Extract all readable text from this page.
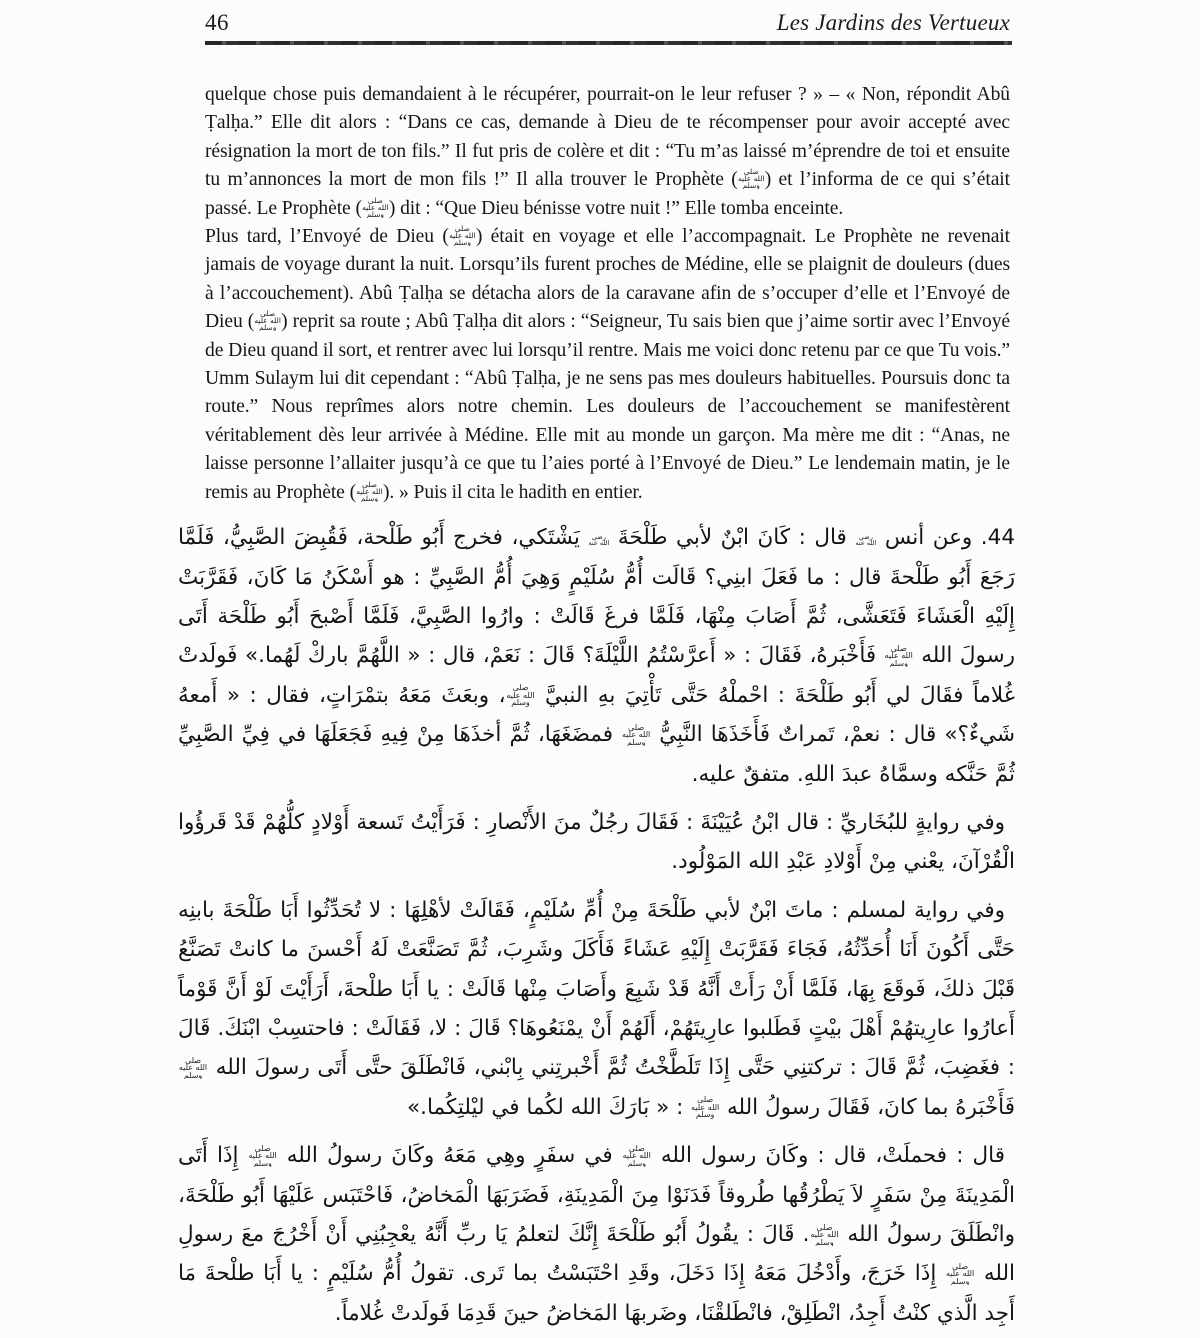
46	Les Jardins des Vertueux

quelque chose puis demandaient à le récupérer, pourrait-on le leur refuser ? » – « Non, répondit Abû Ṭalḥa.” Elle dit alors : “Dans ce cas, demande à Dieu de te récompenser pour avoir accepté avec résignation la mort de ton fils.” Il fut pris de colère et dit : “Tu m’as laissé m’éprendre de toi et ensuite tu m’annonces la mort de mon fils !” Il alla trouver le Prophète ( صلى الله عليه وسلم ) et l’informa de ce qui s’était passé. Le Prophète ( صلى الله عليه وسلم ) dit : “Que Dieu bénisse votre nuit !” Elle tomba enceinte.

Plus tard, l’Envoyé de Dieu ( صلى الله عليه وسلم ) était en voyage et elle l’accompagnait. Le Prophète ne revenait jamais de voyage durant la nuit. Lorsqu’ils furent proches de Médine, elle se plaignit de douleurs (dues à l’accouchement). Abû Ṭalḥa se détacha alors de la caravane afin de s’occuper d’elle et l’Envoyé de Dieu ( صلى الله عليه وسلم ) reprit sa route ; Abû Ṭalḥa dit alors : “Seigneur, Tu sais bien que j’aime sortir avec l’Envoyé de Dieu quand il sort, et rentrer avec lui lorsqu’il rentre. Mais me voici donc retenu par ce que Tu vois.” Umm Sulaym lui dit cependant : “Abû Ṭalḥa, je ne sens pas mes douleurs habituelles. Poursuis donc ta route.” Nous reprîmes alors notre chemin. Les douleurs de l’accouchement se manifestèrent véritablement dès leur arrivée à Médine. Elle mit au monde un garçon. Ma mère me dit : “Anas, ne laisse personne l’allaiter jusqu’à ce que tu l’aies porté à l’Envoyé de Dieu.” Le lendemain matin, je le remis au Prophète ( صلى الله عليه وسلم ). » Puis il cita le hadith en entier.

44. وعن أنس رضي الله عنه قال : كَانَ ابْنٌ لأبي طَلْحَةَ رضي الله عنه يَشْتَكي، فخرج أَبُو طَلْحة، فَقُبِضَ الصَّبِيُّ، فَلَمَّا رَجَعَ أَبُو طَلْحةَ قال : ما فَعَلَ ابنِي؟ قَالَت أُمُّ سُلَيْمٍ وَهِيَ أُمُّ الصَّبِيِّ : هو أَسْكَنُ مَا كَانَ، فَقَرَّبَتْ إِلَيْهِ الْعَشَاءَ فَتَعَشَّى، ثُمَّ أَصَابَ مِنْهَا، فَلَمَّا فرغَ قَالَتْ : وارُوا الصَّبِيَّ، فَلَمَّا أَصْبحَ أَبُو طَلْحَة أَتَى رسولَ الله صلى الله عليه وسلم فَأَخْبَرهُ، فَقَالَ : « أَعرَّسْتُمُ اللَّيْلَةَ؟ قَالَ : نَعَمْ، قال : « اللَّهُمَّ باركْ لَهُما.» فَولَدتْ غُلاماً فقَالَ لي أَبُو طَلْحَةَ : احْملْهُ حَتَّى تَأْتِيَ بهِ النبيَّ صلى الله عليه وسلم، وبعَثَ مَعَهُ بتمْرَاتٍ، فقال : « أَمعهُ شَيءٌ؟» قال : نعمْ، تَمراتٌ فَأَخَذَهَا النَّبِيُّ صلى الله عليه وسلم فمضَغَهَا، ثُمَّ أخذَهَا مِنْ فِيهِ فَجَعَلَهَا في فِيِّ الصَّبِيِّ ثُمَّ حَنَّكه وسمَّاهُ عبدَ اللهِ. متفقٌ عليه.

وفي روايةٍ للبُخَاريِّ : قال ابْنُ عُيَيْنَةَ : فَقَالَ رجُلٌ منَ الأَنْصارِ : فَرَأَيْتُ تَسعة أَوْلادٍ كلُّهُمْ قَدْ قَرؤُوا الْقُرْآنَ، يعْني مِنْ أَوْلادِ عَبْدِ الله المَوْلُود.

وفي رواية لمسلم : ماتَ ابْنٌ لأبي طَلْحَةَ مِنْ أُمِّ سُلَيْمٍ، فَقَالَتْ لأهْلِهَا : لا تُحَدِّثُوا أَبَا طَلْحَةَ بابنِه حَتَّى أَكُونَ أَنَا أُحَدِّثُهُ، فَجَاءَ فَقَرَّبَتْ إِلَيْهِ عَشَاءً فَأَكَلَ وشَرِبَ، ثُمَّ تَصَنَّعَتْ لَهُ أَحْسنَ ما كانتْ تَصَنَّعُ قَبْلَ ذلكَ، فَوقَعَ بِهَا، فَلَمَّا أَنْ رَأَتْ أَنَّهُ قَدْ شَبِعَ وأَصَابَ مِنْها قَالَتْ : يا أَبَا طلْحةَ، أَرَأَيْتَ لَوْ أَنَّ قَوْماً أَعارُوا عارِيتهُمْ أَهْلَ بيْتٍ فَطَلبوا عارِيتَهُمْ، أَلَهُمْ أَنْ يمْنَعُوهَا؟ قَالَ : لا، فَقَالَتْ : فاحتسِبْ ابْنَكَ. قَالَ : فغَضِبَ، ثُمَّ قَالَ : تركتنِي حَتَّى إِذَا تَلَطَّخْتُ ثُمَّ أَخْبرتِني بِابْني، فَانْطَلَقَ حتَّى أَتَى رسولَ الله صلى الله عليه وسلم فَأَخْبَرهُ بما كانَ، فَقَالَ رسولُ الله صلى الله عليه وسلم : « بَارَكَ الله لكُما في ليْلتِكُما.»

قال : فحملَتْ، قال : وكَانَ رسول الله صلى الله عليه وسلم في سفَرٍ وهِي مَعَهُ وكَانَ رسولُ الله صلى الله عليه وسلم إِذَا أَتَى الْمَدِينَةَ مِنْ سَفَرٍ لاَ يَطْرُقُها طُروقاً فَدَنَوْا مِنَ الْمَدِينَةِ، فَضَرَبَهَا الْمَخاضُ، فَاحْتَبَس عَلَيْهَا أَبُو طَلْحَةَ، وانْطَلَقَ رسولُ الله صلى الله عليه وسلم. قَالَ : يقُولُ أَبُو طَلْحَةَ إِنَّكَ لتعلمُ يَا ربِّ أَنَّهُ يعْجِبُنِي أَنْ أَخْرُجَ معَ رسولِ الله صلى الله عليه وسلم إِذَا خَرَجَ، وأَدْخُلَ مَعَهُ إِذَا دَخَلَ، وقَدِ احْتَبَسْتُ بما تَرى. تقولُ أُمُّ سُلَيْمٍ : يا أَبَا طلْحةَ مَا أَجِد الَّذي كنْتُ أَجِدُ، انْطَلِقْ، فانْطَلقْنَا، وضَربهَا المَخاضُ حينَ قَدِمَا فَولَدتْ غُلاماً.
